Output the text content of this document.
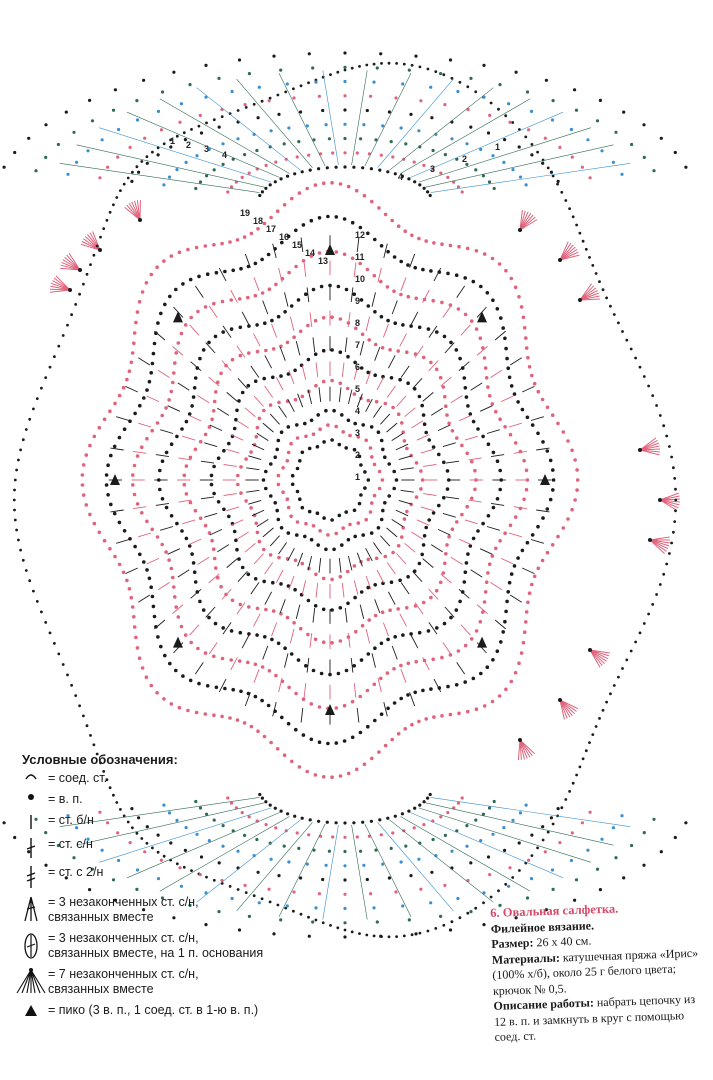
1
2
3
4
5
6
7
8
9
10
11
12
13
14
15
16
17
18
19
1
2
3
4
1 2 3
4
Условные обозначения:
= соед. ст.
= в. п.
= ст. б/н
= ст. с/н
= ст. с 2/н
= 3 незаконченных ст. с/н,
связанных вместе
= 3 незаконченных ст. с/н,
связанных вместе, на 1 п. основания
= 7 незаконченных ст. с/н,
связанных вместе
= пико (3 в. п., 1 соед. ст. в 1-ю в. п.)
6. Овальная салфетка.
Филейное вязание.
Размер: 26 х 40 см.
Материалы: катушечная пряжа «Ирис» (100% х/б), около 25 г белого цвета; крючок № 0,5.
Описание работы: набрать цепочку из 12 в. п. и замкнуть в круг с помощью соед. ст.
